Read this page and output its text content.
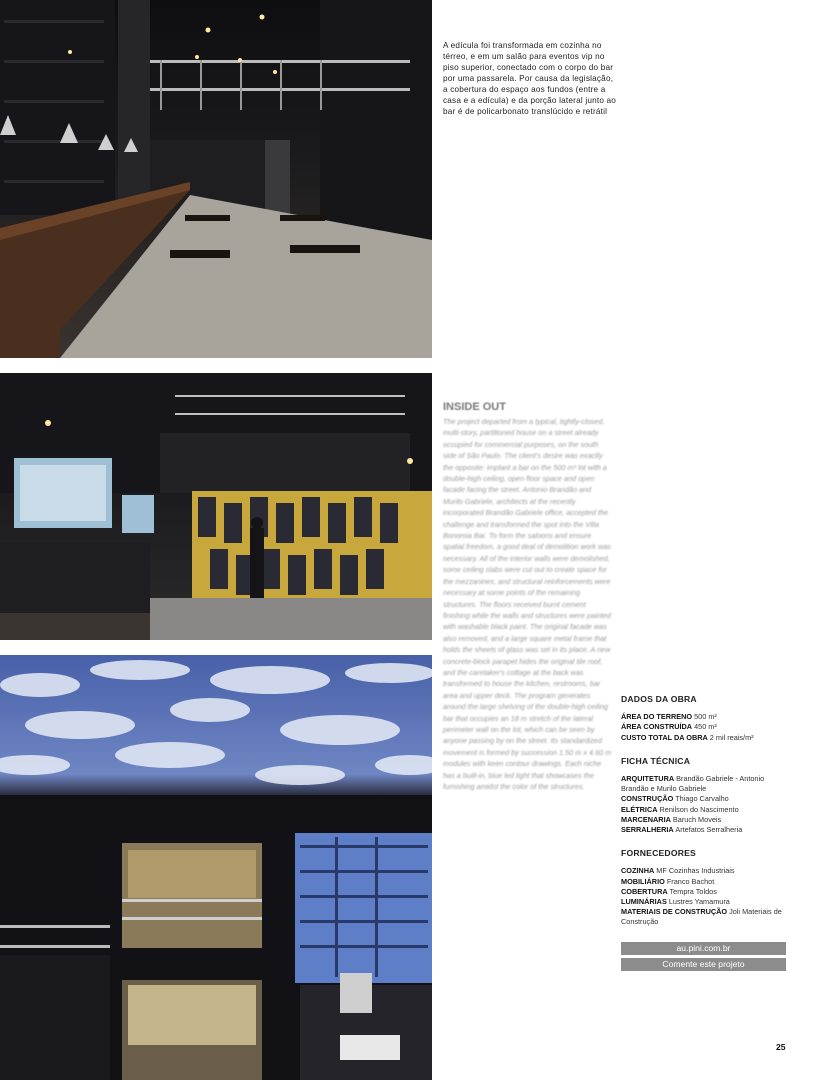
A edícula foi transformada em cozinha no térreo, e em um salão para eventos vip no piso superior, conectado com o corpo do bar por uma passarela. Por causa da legislação, a cobertura do espaço aos fundos (entre a casa e a edícula) e da porção lateral junto ao bar é de policarbonato translúcido e retrátil
INSIDE OUT

The project departed from a typical, tightly-closed, multi-story, partitioned house on a street already occupied for commercial purposes, on the south side of São Paulo. The client's desire was exactly the opposite: implant a bar on the 500 m² lot with a double-high ceiling, open floor space and open facade facing the street. Antonio Brandão and Murilo Gabriele, architects at the recently incorporated Brandão Gabriele office, accepted the challenge and transformed the spot into the Villa Bonomia Bar. To form the saloons and ensure spatial freedom, a good deal of demolition work was necessary. All of the interior walls were demolished, some ceiling slabs were cut out to create space for the mezzanines, and structural reinforcements were necessary at some points of the remaining structures. The floors received burnt cement finishing while the walls and structures were painted with washable black paint. The original facade was also removed, and a large square metal frame that holds the sheets of glass was set in its place. A new concrete-block parapet hides the original tile roof, and the caretaker's cottage at the back was transformed to house the kitchen, restrooms, bar area and upper deck. The program generates around the large shelving of the double-high ceiling bar that occupies an 18 m stretch of the lateral perimeter wall on the lot, which can be seen by anyone passing by on the street. Its standardized movement is formed by succession 1.50 m x 4.60 m modules with keen contour drawings. Each niche has a built-in, blue led light that showcases the furnishing amidst the color of the structures.

DADOS DA OBRA

ÁREA DO TERRENO 500 m²

ÁREA CONSTRUÍDA 450 m²

CUSTO TOTAL DA OBRA 2 mil reais/m²

FICHA TÉCNICA

ARQUITETURA Brandão Gabriele - Antonio Brandão e Murilo Gabriele

CONSTRUÇÃO Thiago Carvalho

ELÉTRICA Renilson do Nascimento

MARCENARIA Baruch Moveis

SERRALHERIA Artefatos Serralheria

FORNECEDORES

COZINHA MF Cozinhas Industriais

MOBILIÁRIO Franco Bachot

COBERTURA Tempra Toldos

LUMINÁRIAS Lustres Yamamura

MATERIAIS DE CONSTRUÇÃO Joli Materiais de Construção

au.pini.com.br
Comente este projeto
25
